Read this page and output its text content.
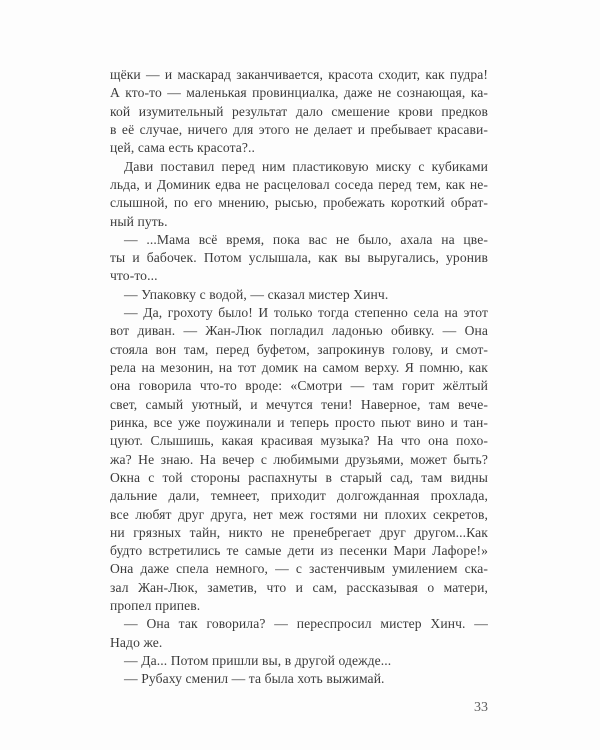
щёки — и маскарад заканчивается, красота сходит, как пудра!
А кто-то — маленькая провинциалка, даже не сознающая, ка-
кой изумительный результат дало смешение крови предков
в её случае, ничего для этого не делает и пребывает красави-
цей, сама есть красота?..
Дави поставил перед ним пластиковую миску с кубиками
льда, и Доминик едва не расцеловал соседа перед тем, как не-
слышной, по его мнению, рысью, пробежать короткий обрат-
ный путь.
— ...Мама всё время, пока вас не было, ахала на цве-
ты и бабочек. Потом услышала, как вы выругались, уронив
что-то...
— Упаковку с водой, — сказал мистер Хинч.
— Да, грохоту было! И только тогда степенно села на этот
вот диван. — Жан-Люк погладил ладонью обивку. — Она
стояла вон там, перед буфетом, запрокинув голову, и смот-
рела на мезонин, на тот домик на самом верху. Я помню, как
она говорила что-то вроде: «Смотри — там горит жёлтый
свет, самый уютный, и мечутся тени! Наверное, там вече-
ринка, все уже поужинали и теперь просто пьют вино и тан-
цуют. Слышишь, какая красивая музыка? На что она похо-
жа? Не знаю. На вечер с любимыми друзьями, может быть?
Окна с той стороны распахнуты в старый сад, там видны
дальние дали, темнеет, приходит долгожданная прохлада,
все любят друг друга, нет меж гостями ни плохих секретов,
ни грязных тайн, никто не пренебрегает друг другом...Как
будто встретились те самые дети из песенки Мари Лафоре!»
Она даже спела немного, — с застенчивым умилением ска-
зал Жан-Люк, заметив, что и сам, рассказывая о матери,
пропел припев.
— Она так говорила? — переспросил мистер Хинч. —
Надо же.
— Да... Потом пришли вы, в другой одежде...
— Рубаху сменил — та была хоть выжимай.
33
